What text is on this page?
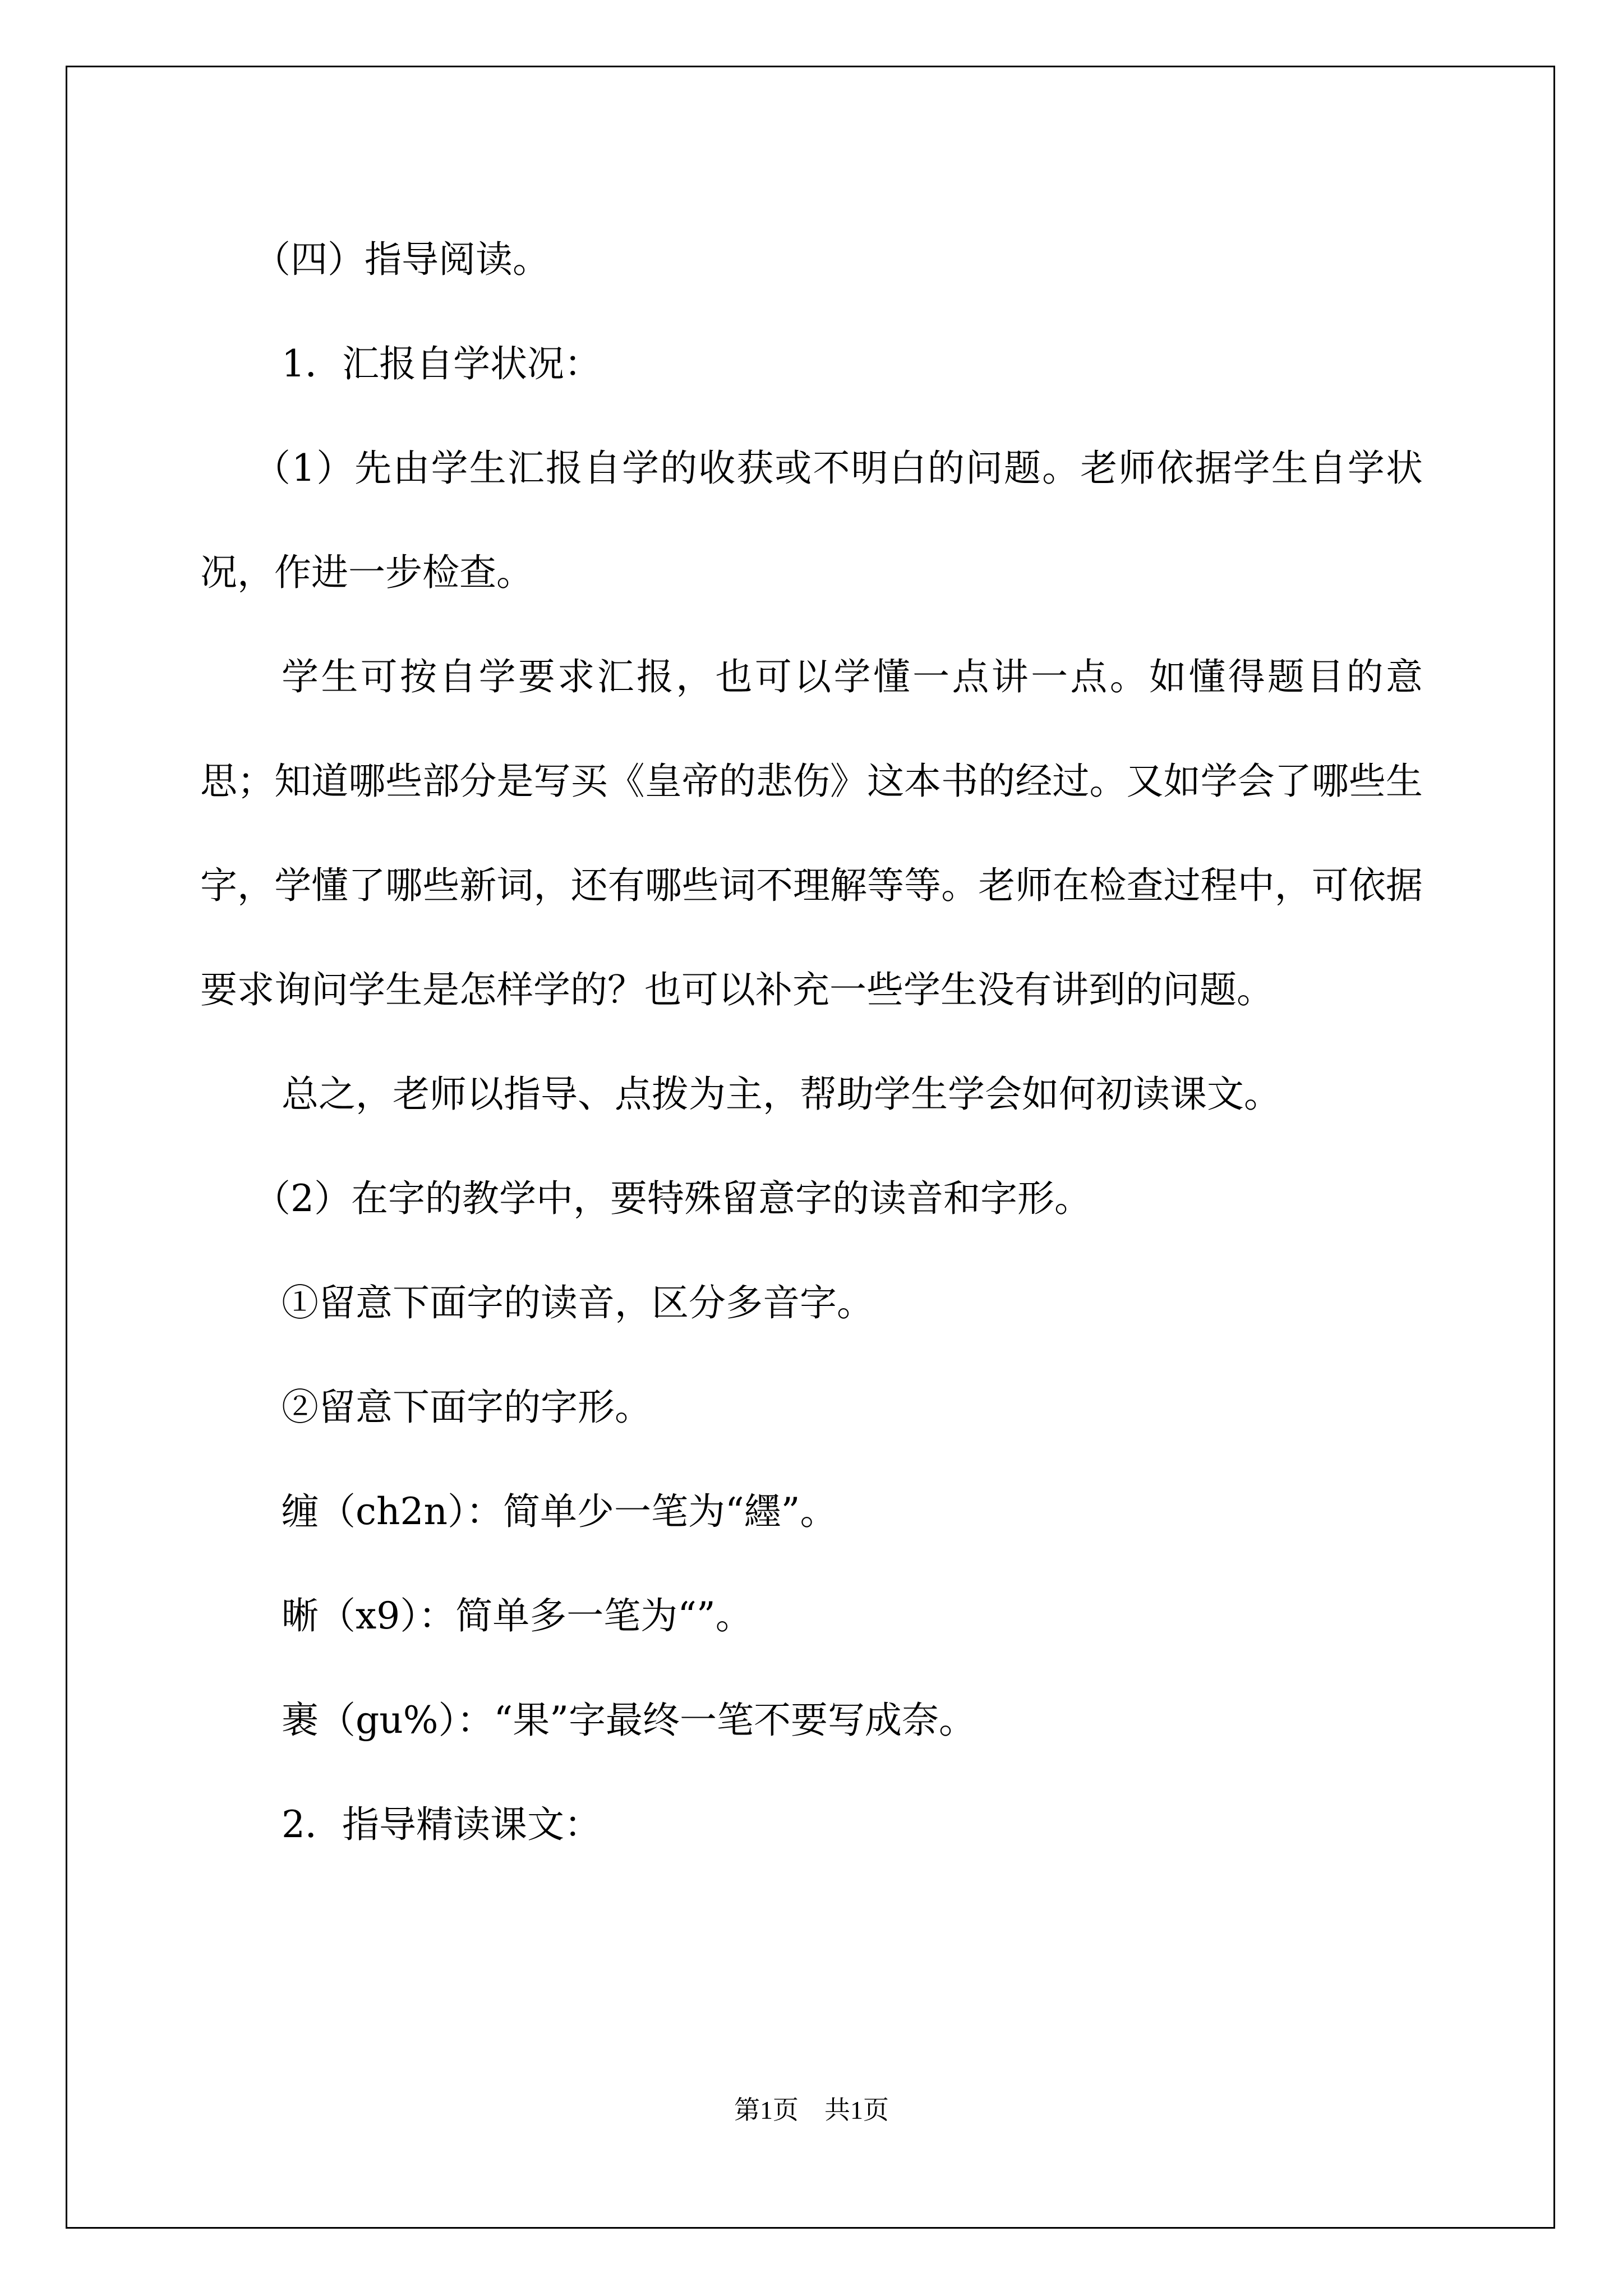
（四）指导阅读。

1．汇报自学状况：

（1）先由学生汇报自学的收获或不明白的问题。老师依据学生自学状况，作进一步检查。

学生可按自学要求汇报，也可以学懂一点讲一点。如懂得题目的意思；知道哪些部分是写买《皇帝的悲伤》这本书的经过。又如学会了哪些生字，学懂了哪些新词，还有哪些词不理解等等。老师在检查过程中，可依据要求询问学生是怎样学的？也可以补充一些学生没有讲到的问题。

总之，老师以指导、点拨为主，帮助学生学会如何初读课文。

（2）在字的教学中，要特殊留意字的读音和字形。

①留意下面字的读音，区分多音字。

②留意下面字的字形。

缠（ch2n）：简单少一笔为“纆”。

晰（x9）：简单多一笔为“”。

裹（gu%）：“果”字最终一笔不要写成奈。

2．指导精读课文：

第1页　共1页
